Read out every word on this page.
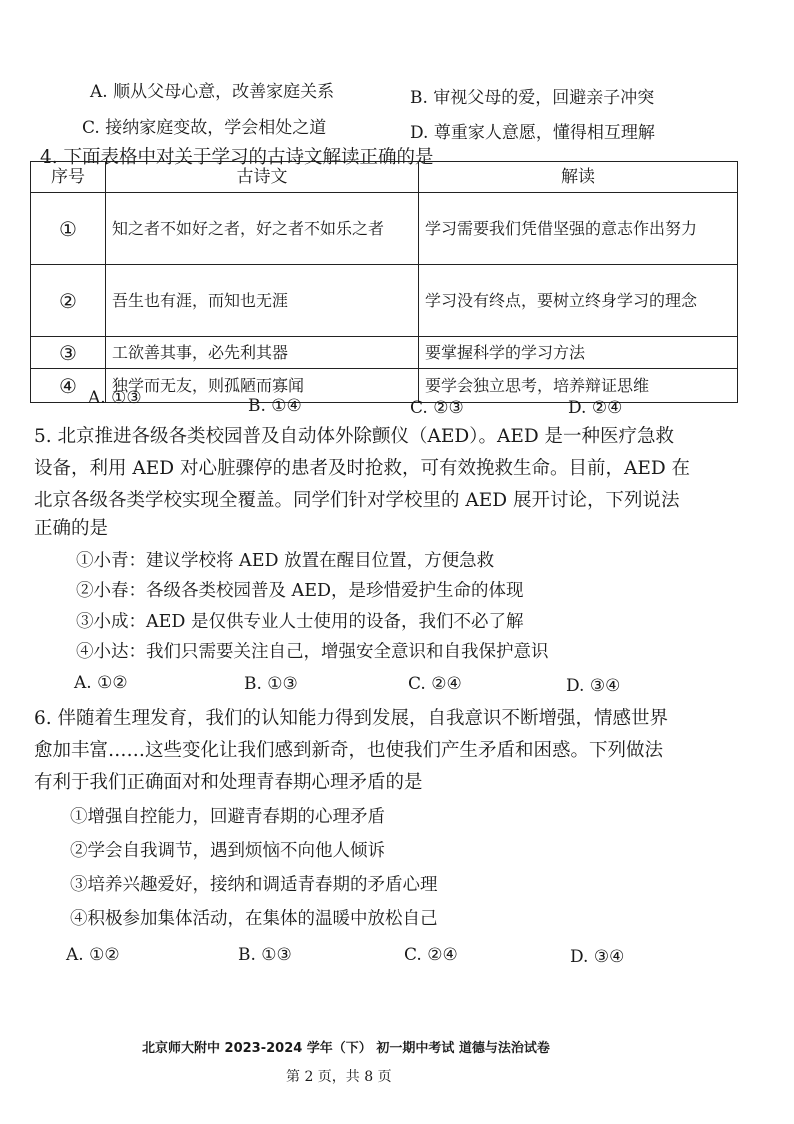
A. 顺从父母心意，改善家庭关系	B. 审视父母的爱，回避亲子冲突
C. 接纳家庭变故，学会相处之道	D. 尊重家人意愿，懂得相互理解
4. 下面表格中对关于学习的古诗文解读正确的是
序号	古诗文	解读
①	知之者不如好之者，好之者不如乐之者	学习需要我们凭借坚强的意志作出努力
②	吾生也有涯，而知也无涯	学习没有终点，要树立终身学习的理念
③	工欲善其事，必先利其器	要掌握科学的学习方法
④	独学而无友，则孤陋而寡闻	要学会独立思考，培养辩证思维
A. ①③	B. ①④	C. ②③	D. ②④
5. 北京推进各级各类校园普及自动体外除颤仪（AED）。AED 是一种医疗急救
设备，利用 AED 对心脏骤停的患者及时抢救，可有效挽救生命。目前，AED 在
北京各级各类学校实现全覆盖。同学们针对学校里的 AED 展开讨论，下列说法
正确的是
①小青：建议学校将 AED 放置在醒目位置，方便急救
②小春：各级各类校园普及 AED，是珍惜爱护生命的体现
③小成：AED 是仅供专业人士使用的设备，我们不必了解
④小达：我们只需要关注自己，增强安全意识和自我保护意识
A. ①②	B. ①③	C. ②④	D. ③④
6. 伴随着生理发育，我们的认知能力得到发展，自我意识不断增强，情感世界
愈加丰富……这些变化让我们感到新奇，也使我们产生矛盾和困惑。下列做法
有利于我们正确面对和处理青春期心理矛盾的是
①增强自控能力，回避青春期的心理矛盾
②学会自我调节，遇到烦恼不向他人倾诉
③培养兴趣爱好，接纳和调适青春期的矛盾心理
④积极参加集体活动，在集体的温暖中放松自己
A. ①②	B. ①③	C. ②④	D. ③④
北京师大附中 2023-2024 学年（下） 初一期中考试 道德与法治试卷
第 2 页，共 8 页
